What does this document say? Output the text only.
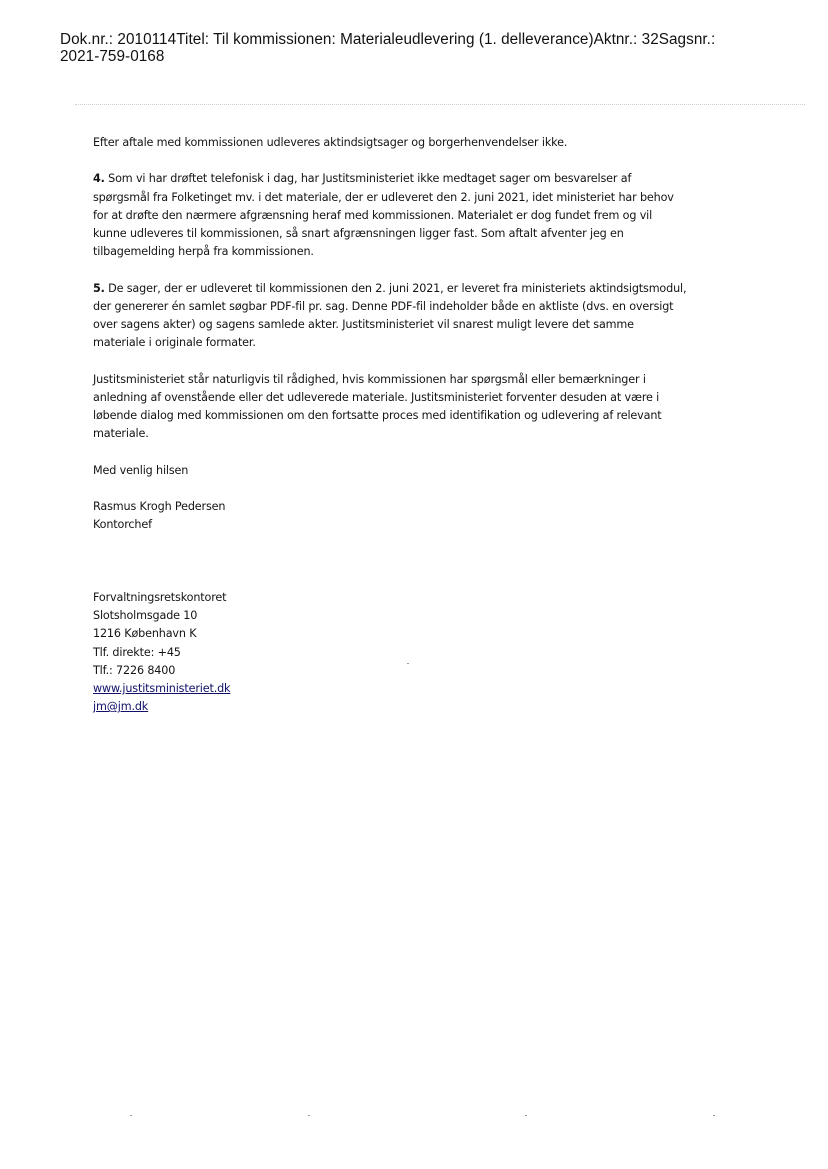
Dok.nr.: 2010114Titel: Til kommissionen: Materialeudlevering (1. delleverance)Aktnr.: 32Sagsnr.:
2021-759-0168

Efter aftale med kommissionen udleveres aktindsigtsager og borgerhenvendelser ikke.

4. Som vi har drøftet telefonisk i dag, har Justitsministeriet ikke medtaget sager om besvarelser af
spørgsmål fra Folketinget mv. i det materiale, der er udleveret den 2. juni 2021, idet ministeriet har behov
for at drøfte den nærmere afgrænsning heraf med kommissionen. Materialet er dog fundet frem og vil
kunne udleveres til kommissionen, så snart afgrænsningen ligger fast. Som aftalt afventer jeg en
tilbagemelding herpå fra kommissionen.
5. De sager, der er udleveret til kommissionen den 2. juni 2021, er leveret fra ministeriets aktindsigtsmodul,
der genererer én samlet søgbar PDF-fil pr. sag. Denne PDF-fil indeholder både en aktliste (dvs. en oversigt
over sagens akter) og sagens samlede akter. Justitsministeriet vil snarest muligt levere det samme
materiale i originale formater.
Justitsministeriet står naturligvis til rådighed, hvis kommissionen har spørgsmål eller bemærkninger i
anledning af ovenstående eller det udleverede materiale. Justitsministeriet forventer desuden at være i
løbende dialog med kommissionen om den fortsatte proces med identifikation og udlevering af relevant
materiale.

Med venlig hilsen

Rasmus Krogh Pedersen
Kontorchef
Forvaltningsretskontoret
Slotsholmsgade 10
1216 København K
Tlf. direkte: +45
Tlf.: 7226 8400
www.justitsministeriet.dk
jm@jm.dk
